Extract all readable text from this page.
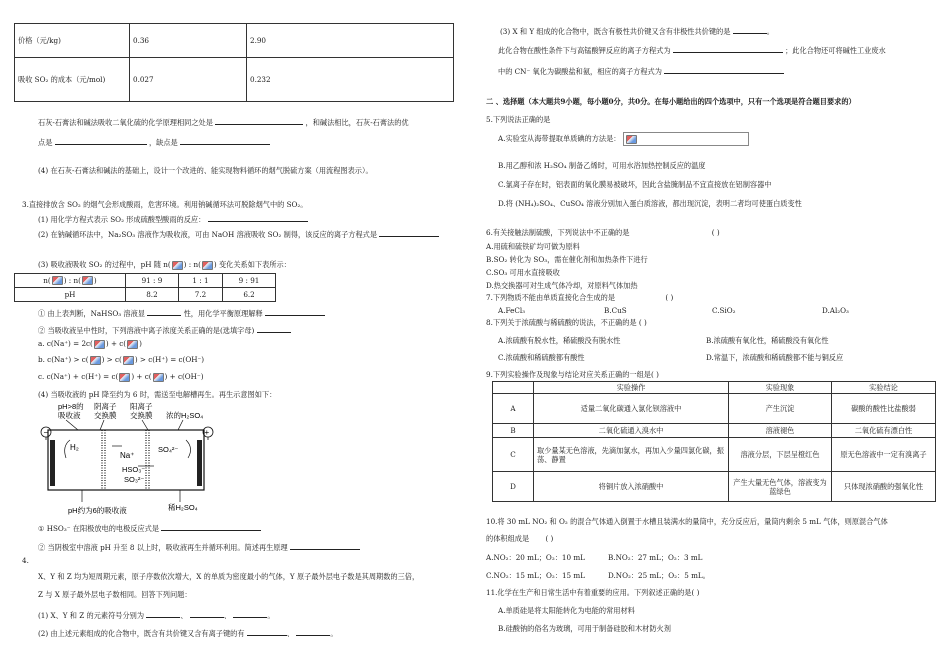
价格（元/kg)	0.36	2.90
吸收 SO₂ 的成本（元/mol)	0.027	0.232
石灰-石膏法和碱法吸收二氧化硫的化学原理相同之处是	，和碱法相比，石灰-石膏法的优
点是	，缺点是
(4) 在石灰-石膏法和碱法的基础上，设计一个改进的、能实现物料循环的烟气脱硫方案（用流程图表示）。
3.直接排放含 SO₂ 的烟气会形成酸雨，危害环境。利用钠碱循环法可脱除烟气中的 SO₂。
(1) 用化学方程式表示 SO₂ 形成硫酸型酸雨的反应：
(2) 在钠碱循环法中，Na₂SO₃ 溶液作为吸收液，可由 NaOH 溶液吸收 SO₂ 制得，该反应的离子方程式是
(3) 吸收液吸收 SO₂ 的过程中，pH 随 n( ) : n( ) 变化关系如下表所示：
n( ) : n( )	91 : 9	1 : 1	9 : 91
pH	8.2	7.2	6.2
① 由上表判断，NaHSO₃ 溶液显	性，用化学平衡原理解释
② 当吸收液呈中性时，下列溶液中离子浓度关系正确的是(选填字母)
a. c(Na⁺) = 2c( ) + c( )
b. c(Na⁺) > c( ) > c( ) > c(H⁺) = c(OH⁻)
c. c(Na⁺) + c(H⁺) = c( ) + c( ) + c(OH⁻)
(4) 当吸收液的 pH 降至约为 6 时，需送至电解槽再生。再生示意图如下：
pH>8的
吸收液
阴离子
交换膜
阳离子
交换膜 浓的H₂SO₄
−	+
H₂
Na⁺
HSO₃⁻
SO₃²⁻
SO₄²⁻
pH约为6的吸收液	稀H₂SO₄
① HSO₃⁻ 在阳极放电的电极反应式是
② 当阴极室中溶液 pH 升至 8 以上时，吸收液再生并循环利用。简述再生原理
4.
X、Y 和 Z 均为短周期元素，原子序数依次增大，X 的单质为密度最小的气体，Y 原子最外层电子数是其周期数的三倍，
Z 与 X 原子最外层电子数相同。回答下列问题：
(1) X、Y 和 Z 的元素符号分别为	、	、	。
(2) 由上述元素组成的化合物中，既含有共价键又含有离子键的有	、	。
(3) X 和 Y 组成的化合物中，既含有极性共价键又含有非极性共价键的是	。
此化合物在酸性条件下与高锰酸钾反应的离子方程式为	；此化合物还可将碱性工业废水
中的 CN⁻ 氧化为碳酸盐和氨，相应的离子方程式为
二 、选择题（本大题共9小题，每小题0分，共0分。在每小题给出的四个选项中，只有一个选项是符合题目要求的）
5.下列说法正确的是
A.实验室从海带提取单质碘的方法是：
B.用乙醇和浓 H₂SO₄ 制备乙烯时，可用水浴加热控制反应的温度
C.氯离子存在时，铝表面的氧化膜易被破坏，因此含盐腌制品不宜直接放在铝制容器中
D.将 (NH₄)₂SO₄、CuSO₄ 溶液分别加入蛋白质溶液，都出现沉淀，表明二者均可使蛋白质变性
6.有关接触法制硫酸，下列说法中不正确的是	( )
A.用硫和硫铁矿均可做为原料
B.SO₂ 转化为 SO₃，需在催化剂和加热条件下进行
C.SO₃ 可用水直接吸收
D.热交换器可对生成气体冷却，对原料气体加热
7.下列物质不能由单质直接化合生成的是	( )
A.FeCl₃	B.CuS	C.SiO₂	D.Al₂O₃
8.下列关于浓硫酸与稀硫酸的说法，不正确的是 ( )
A.浓硫酸有脱水性，稀硫酸没有脱水性	B.浓硫酸有氧化性，稀硫酸没有氧化性
C.浓硫酸和稀硫酸都有酸性	D.常温下，浓硫酸和稀硫酸都不能与铜反应
9.下列实验操作及现象与结论对应关系正确的一组是( )
	实验操作	实验现象	实验结论
A	适量二氧化碳通入氯化钡溶液中	产生沉淀	碳酸的酸性比盐酸弱
B	二氧化硫通入溴水中	溶液褪色	二氧化硫有漂白性
C	取少量某无色溶液，先滴加氯水，再加入少量四氯化碳，振荡、静置	溶液分层，下层呈橙红色	原无色溶液中一定有溴离子
D	将铜片放入浓硝酸中	产生大量无色气体，溶液变为蓝绿色	只体现浓硝酸的强氧化性
10.将 30 mL NO₂ 和 O₂ 的混合气体通入倒置于水槽且装满水的量筒中，充分反应后，量筒内剩余 5 mL 气体，则原混合气体
的体积组成是 ( )
A.NO₂：20 mL；O₂：10 mL	B.NO₂：27 mL；O₂：3 mL
C.NO₂：15 mL；O₂：15 mL	D.NO₂：25 mL；O₂：5 mL。
11.化学在生产和日常生活中有着重要的应用。下列叙述正确的是( )
A.单质硅是将太阳能转化为电能的常用材料
B.硅酸钠的俗名为玻璃，可用于制备硅胶和木材防火剂
